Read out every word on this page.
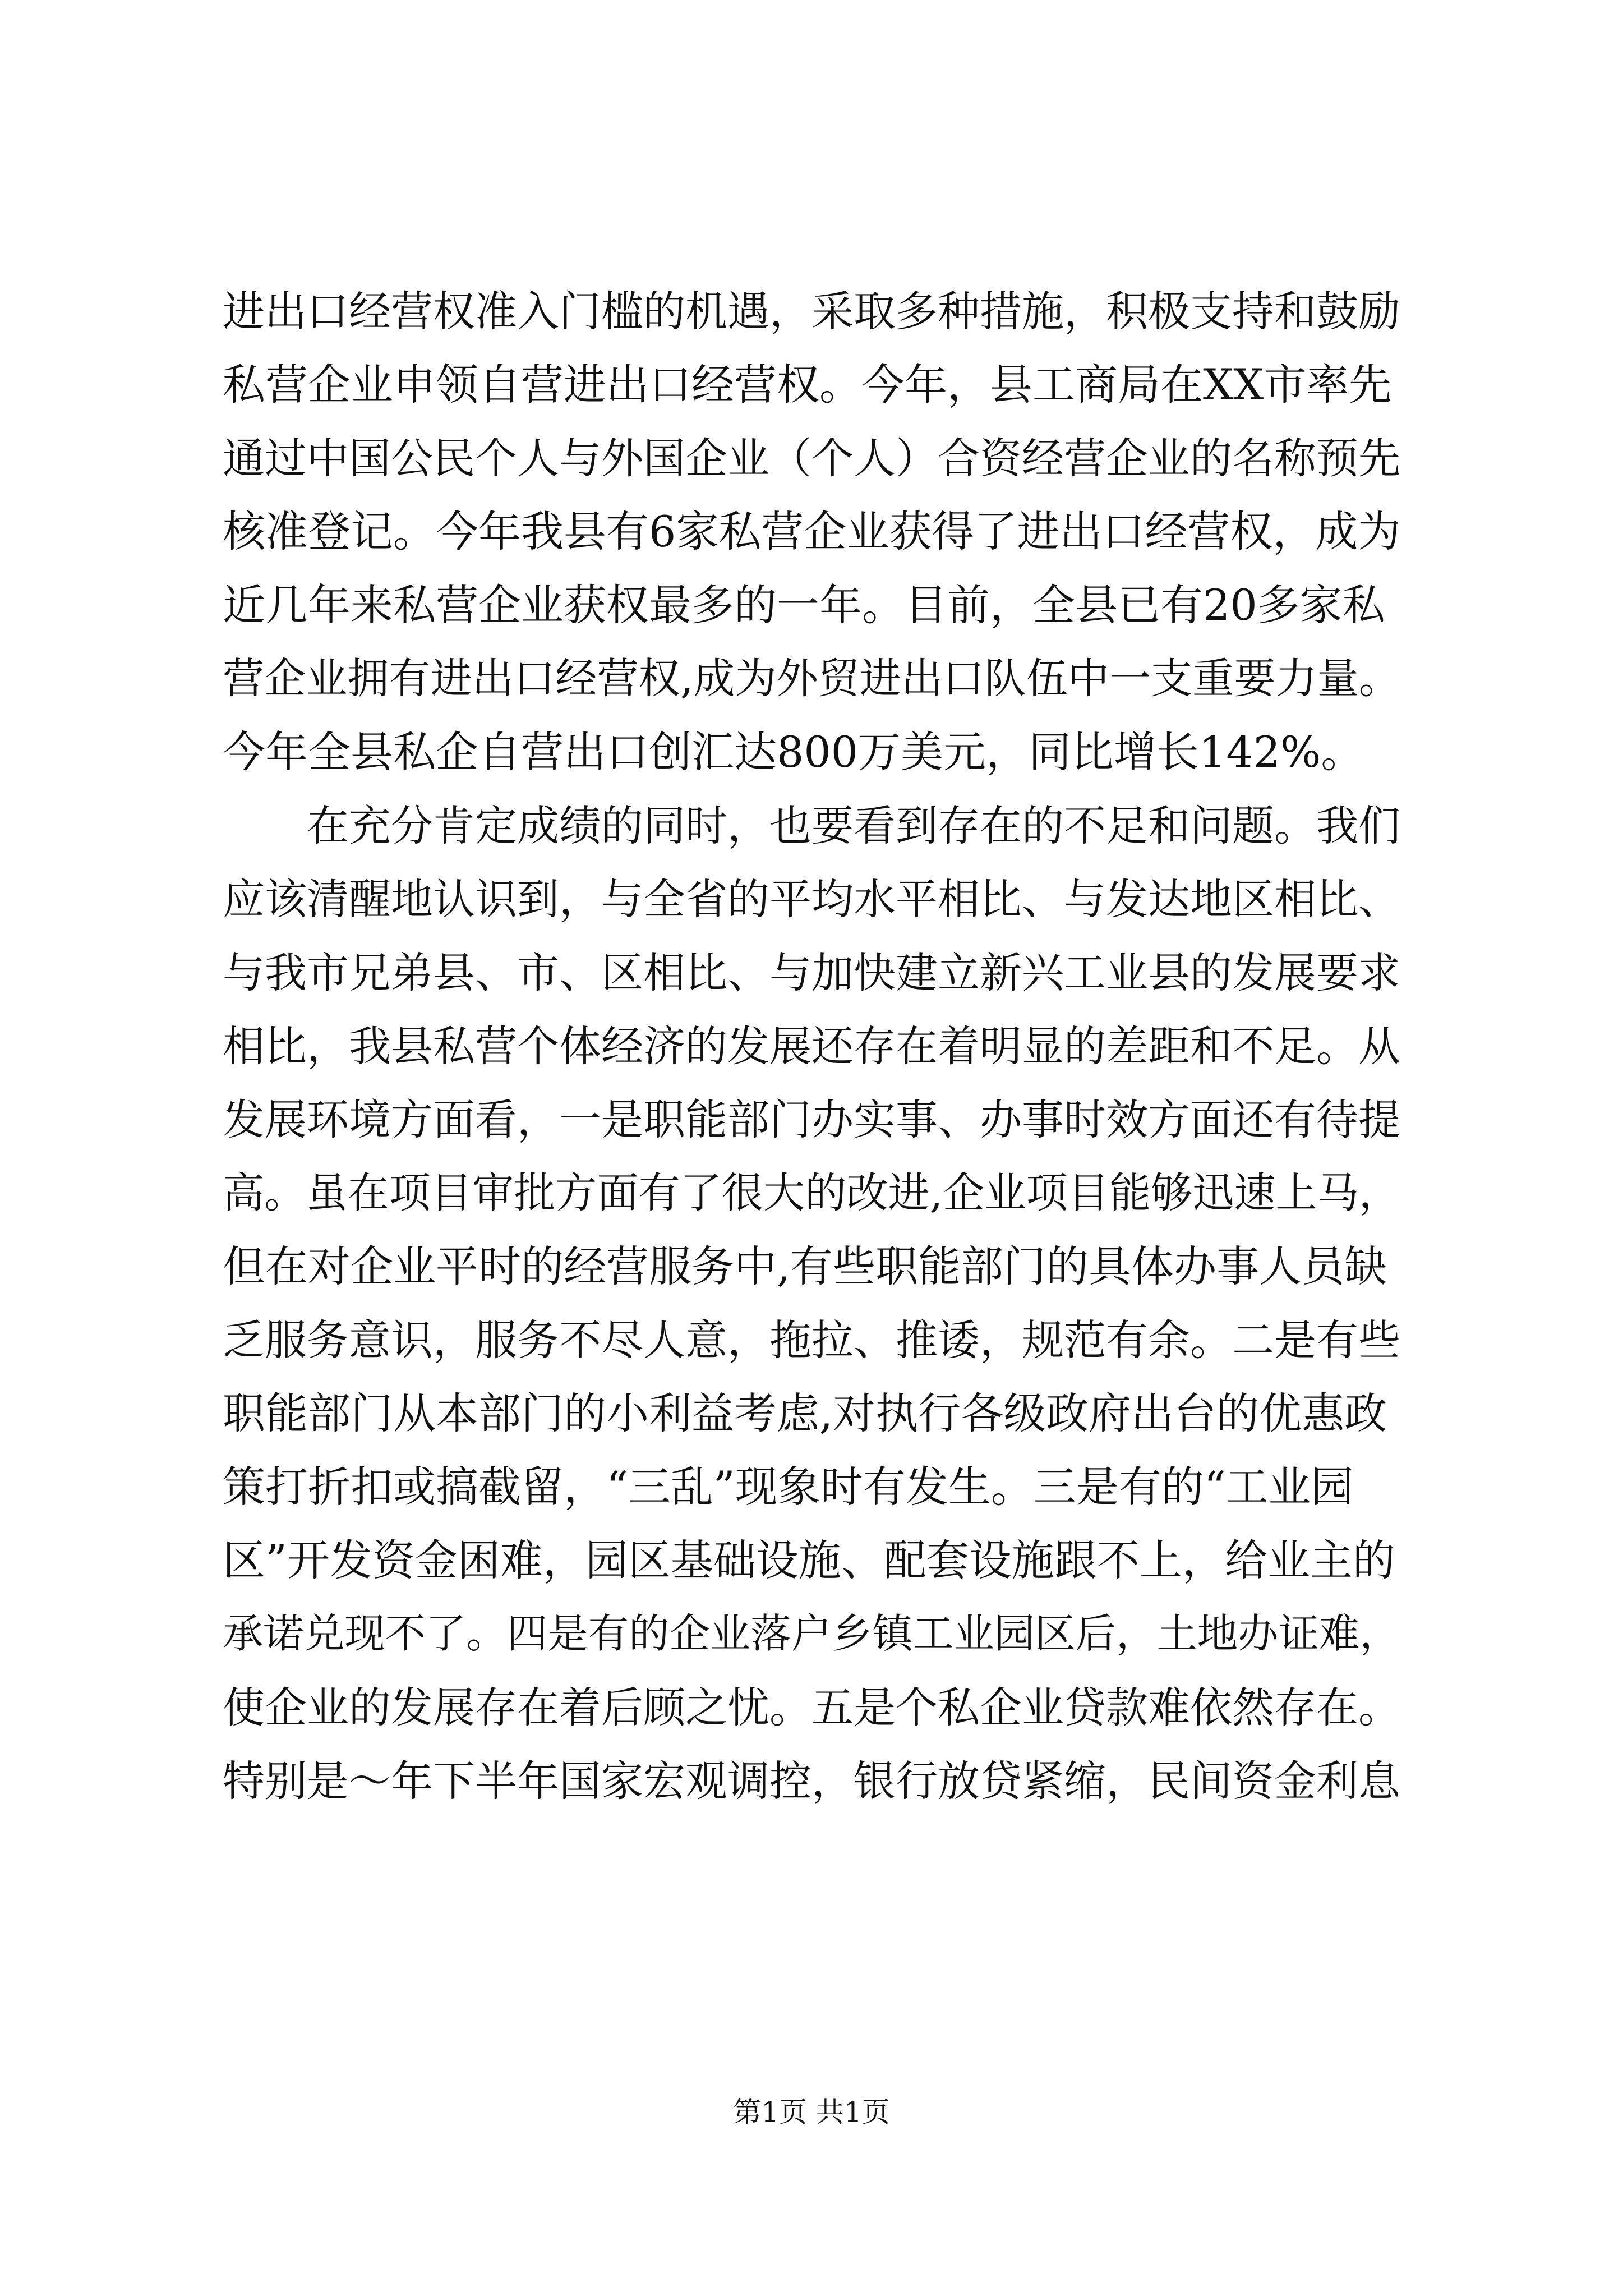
进出口经营权准入门槛的机遇，采取多种措施，积极支持和鼓励
私营企业申领自营进出口经营权。今年，县工商局在XX市率先
通过中国公民个人与外国企业（个人）合资经营企业的名称预先
核准登记。今年我县有6家私营企业获得了进出口经营权，成为
近几年来私营企业获权最多的一年。目前，全县已有20多家私
营企业拥有进出口经营权,成为外贸进出口队伍中一支重要力量。
今年全县私企自营出口创汇达800万美元，同比增长142%。
　　在充分肯定成绩的同时，也要看到存在的不足和问题。我们
应该清醒地认识到，与全省的平均水平相比、与发达地区相比、
与我市兄弟县、市、区相比、与加快建立新兴工业县的发展要求
相比，我县私营个体经济的发展还存在着明显的差距和不足。从
发展环境方面看，一是职能部门办实事、办事时效方面还有待提
高。虽在项目审批方面有了很大的改进,企业项目能够迅速上马，
但在对企业平时的经营服务中,有些职能部门的具体办事人员缺
乏服务意识，服务不尽人意，拖拉、推诿，规范有余。二是有些
职能部门从本部门的小利益考虑,对执行各级政府出台的优惠政
策打折扣或搞截留，“三乱”现象时有发生。三是有的“工业园
区”开发资金困难，园区基础设施、配套设施跟不上，给业主的
承诺兑现不了。四是有的企业落户乡镇工业园区后，土地办证难，
使企业的发展存在着后顾之忧。五是个私企业贷款难依然存在。
特别是～年下半年国家宏观调控，银行放贷紧缩，民间资金利息
第1页 共1页
